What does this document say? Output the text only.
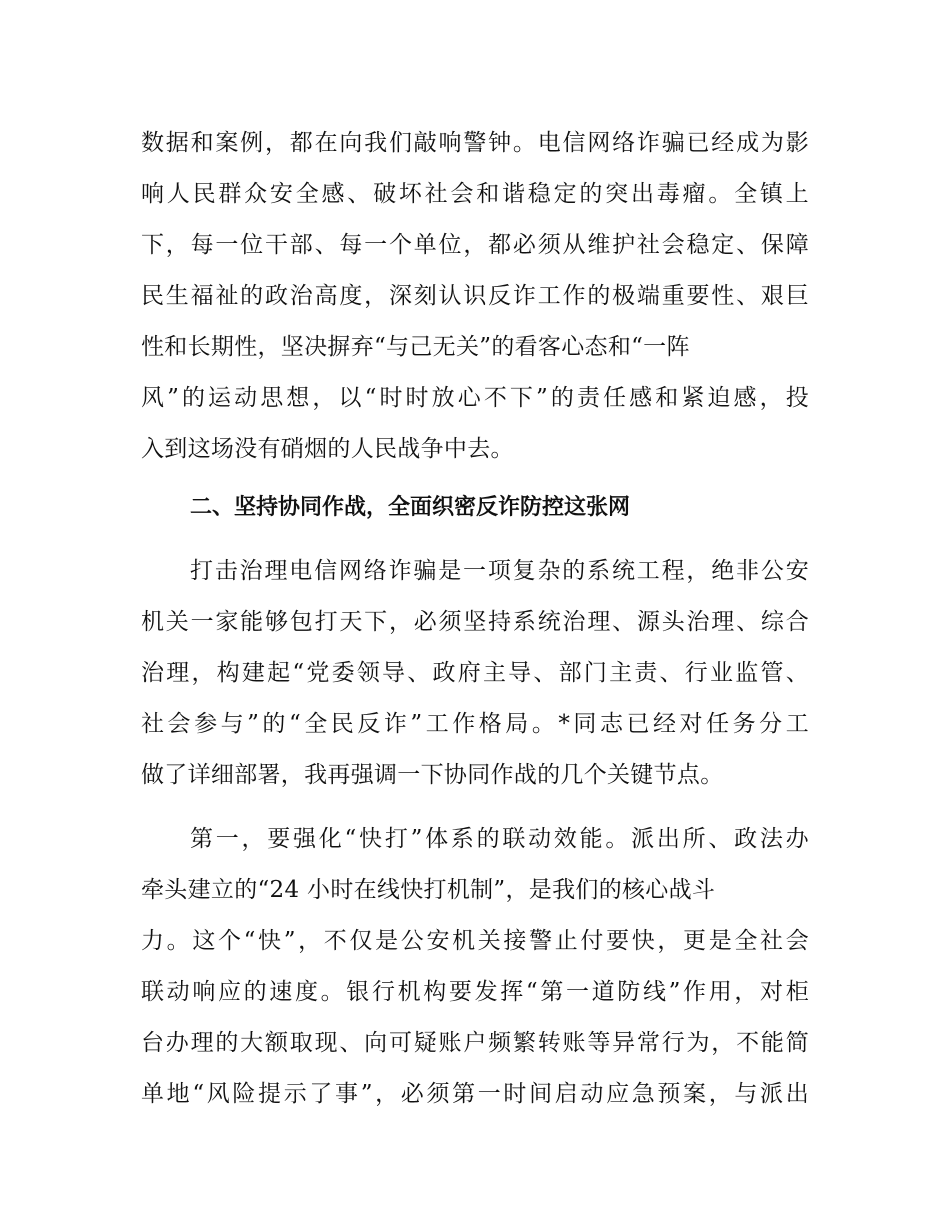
数据和案例，都在向我们敲响警钟。电信网络诈骗已经成为影
响人民群众安全感、破坏社会和谐稳定的突出毒瘤。全镇上
下，每一位干部、每一个单位，都必须从维护社会稳定、保障
民生福祉的政治高度，深刻认识反诈工作的极端重要性、艰巨
性和长期性，坚决摒弃“与己无关”的看客心态和“一阵
风”的运动思想，以“时时放心不下”的责任感和紧迫感，投
入到这场没有硝烟的人民战争中去。
二、坚持协同作战，全面织密反诈防控这张网
打击治理电信网络诈骗是一项复杂的系统工程，绝非公安
机关一家能够包打天下，必须坚持系统治理、源头治理、综合
治理，构建起“党委领导、政府主导、部门主责、行业监管、
社会参与”的“全民反诈”工作格局。*同志已经对任务分工
做了详细部署，我再强调一下协同作战的几个关键节点。
第一，要强化“快打”体系的联动效能。派出所、政法办
牵头建立的“24 小时在线快打机制”，是我们的核心战斗
力。这个“快”，不仅是公安机关接警止付要快，更是全社会
联动响应的速度。银行机构要发挥“第一道防线”作用，对柜
台办理的大额取现、向可疑账户频繁转账等异常行为，不能简
单地“风险提示了事”，必须第一时间启动应急预案，与派出
